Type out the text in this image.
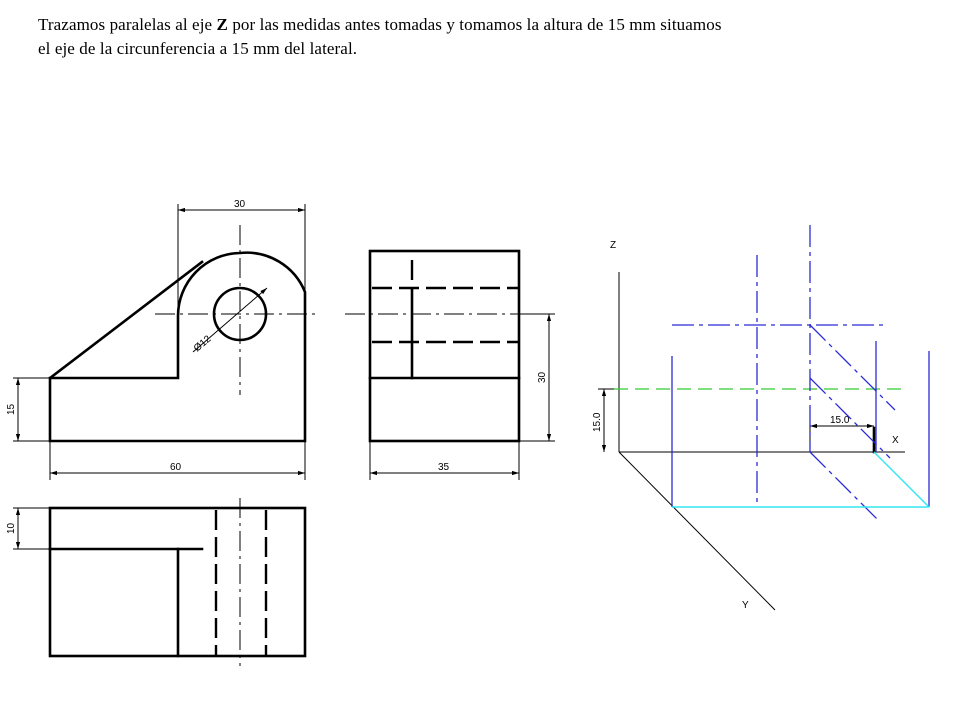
Trazamos paralelas al eje Z por las medidas antes tomadas y tomamos la altura de 15 mm situamos

el eje de la circunferencia a 15 mm del lateral.

30
Ø12
15
60
30
35
10
Z
X
Y
15.0	15.0
